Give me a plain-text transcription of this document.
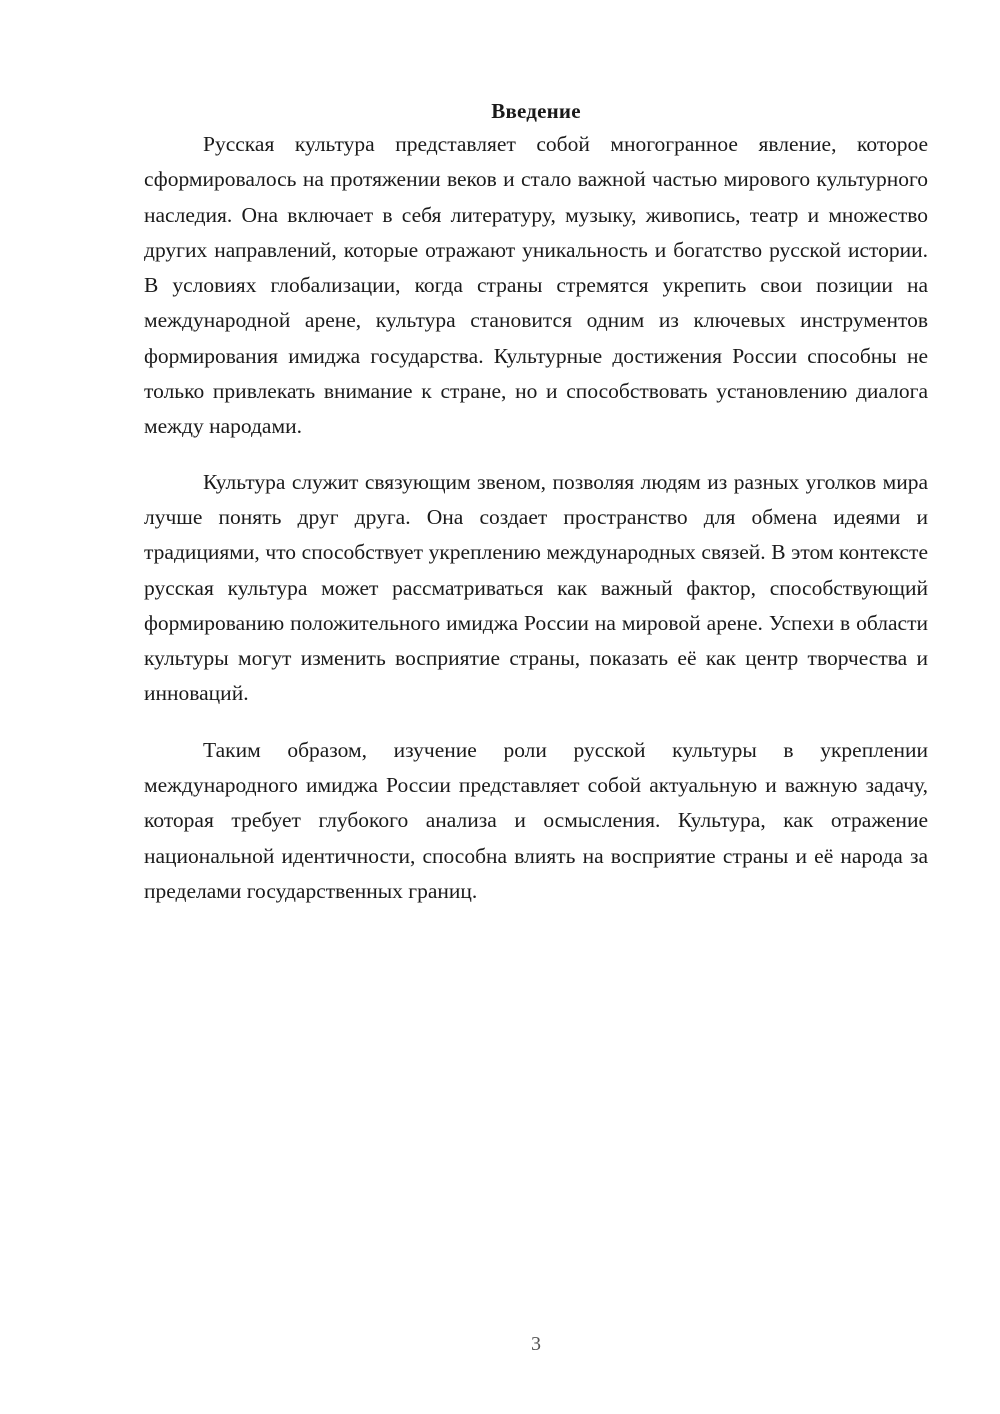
Введение

Русская культура представляет собой многогранное явление, которое сформировалось на протяжении веков и стало важной частью мирового культурного наследия. Она включает в себя литературу, музыку, живопись, театр и множество других направлений, которые отражают уникальность и богатство русской истории. В условиях глобализации, когда страны стремятся укрепить свои позиции на международной арене, культура становится одним из ключевых инструментов формирования имиджа государства. Культурные достижения России способны не только привлекать внимание к стране, но и способствовать установлению диалога между народами.

Культура служит связующим звеном, позволяя людям из разных уголков мира лучше понять друг друга. Она создает пространство для обмена идеями и традициями, что способствует укреплению международных связей. В этом контексте русская культура может рассматриваться как важный фактор, способствующий формированию положительного имиджа России на мировой арене. Успехи в области культуры могут изменить восприятие страны, показать её как центр творчества и инноваций.

Таким образом, изучение роли русской культуры в укреплении международного имиджа России представляет собой актуальную и важную задачу, которая требует глубокого анализа и осмысления. Культура, как отражение национальной идентичности, способна влиять на восприятие страны и её народа за пределами государственных границ.

3
